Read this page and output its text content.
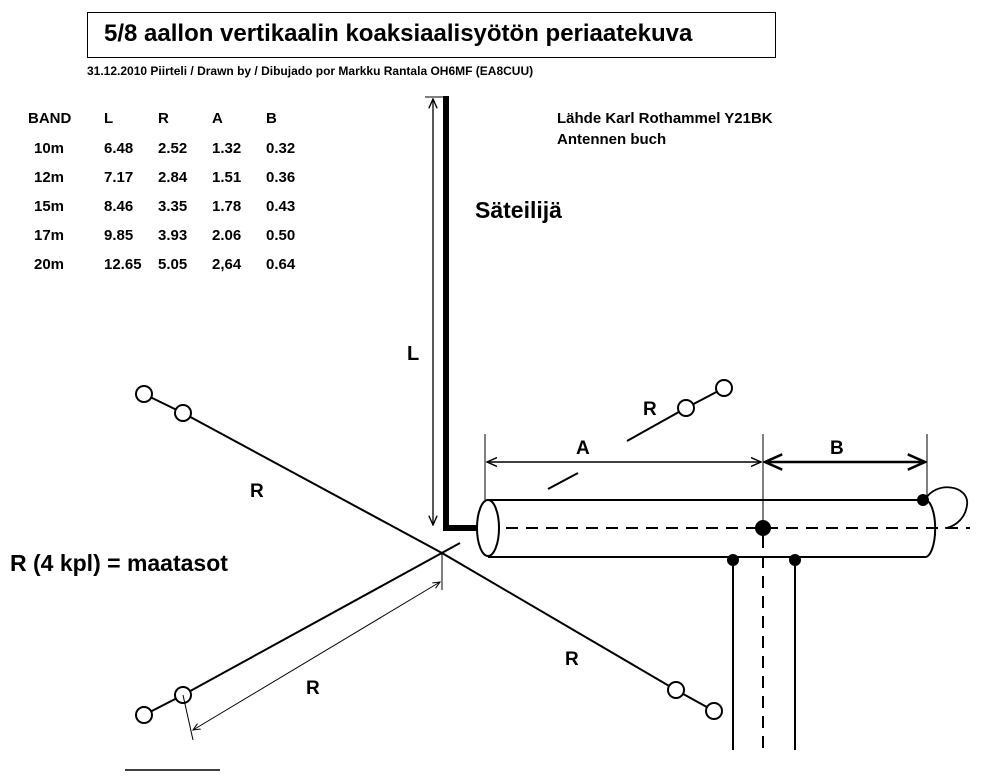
5/8 aallon vertikaalin koaksiaalisyötön periaatekuva
31.12.2010 Piirteli / Drawn by / Dibujado por Markku Rantala OH6MF (EA8CUU)
Lähde Karl Rothammel Y21BK
Antennen buch
BAND	L	R	A	B
10m	6.48	2.52	1.32	0.32
12m	7.17	2.84	1.51	0.36
15m	8.46	3.35	1.78	0.43
17m	9.85	3.93	2.06	0.50
20m	12.65	5.05	2,64	0.64
Säteilijä
L
R (4 kpl) = maatasot
R
R
R
R
A	B
